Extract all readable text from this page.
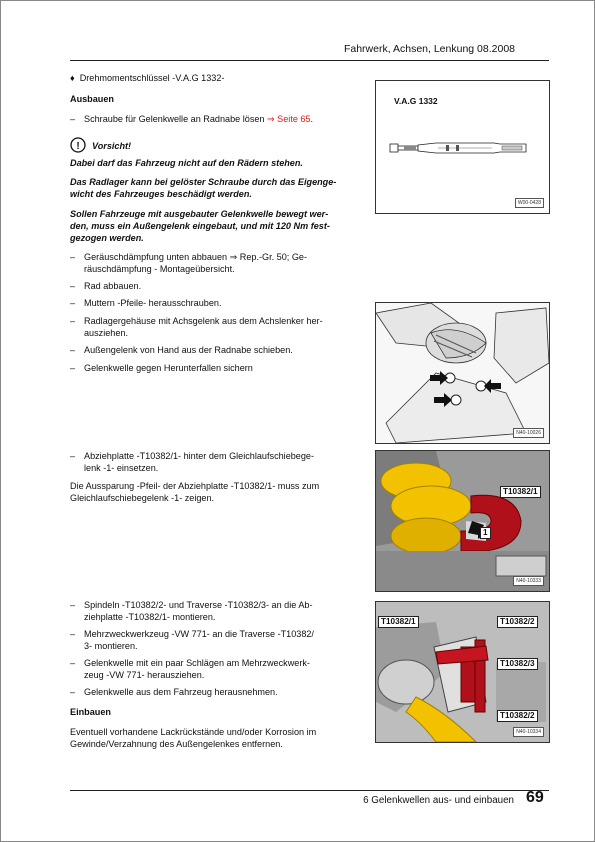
Fahrwerk, Achsen, Lenkung 08.2008
♦ Drehmomentschlüssel -V.A.G 1332-
Ausbauen
– Schraube für Gelenkwelle an Radnabe lösen ⇒ Seite 65.
! Vorsicht!
Dabei darf das Fahrzeug nicht auf den Rädern stehen.
Das Radlager kann bei gelöster Schraube durch das Eigenge-
wicht des Fahrzeuges beschädigt werden.
Sollen Fahrzeuge mit ausgebauter Gelenkwelle bewegt wer-
den, muss ein Außengelenk eingebaut, und mit 120 Nm fest-
gezogen werden.
– Geräuschdämpfung unten abbauen ⇒ Rep.-Gr. 50; Ge-
räuschdämpfung - Montageübersicht.
– Rad abbauen.
– Muttern -Pfeile- herausschrauben.
– Radlagergehäuse mit Achsgelenk aus dem Achslenker her-
ausziehen.
– Außengelenk von Hand aus der Radnabe schieben.
– Gelenkwelle gegen Herunterfallen sichern
– Abziehplatte -T10382/1- hinter dem Gleichlaufschiebege-
lenk -1- einsetzen.
Die Aussparung -Pfeil- der Abziehplatte -T10382/1- muss zum
Gleichlaufschiebegelenk -1- zeigen.
– Spindeln -T10382/2- und Traverse -T10382/3- an die Ab-
ziehplatte -T10382/1- montieren.
– Mehrzweckwerkzeug -VW 771- an die Traverse -T10382/
3- montieren.
– Gelenkwelle mit ein paar Schlägen am Mehrzweckwerk-
zeug -VW 771- herausziehen.
– Gelenkwelle aus dem Fahrzeug herausnehmen.
Einbauen
Eventuell vorhandene Lackrückstände und/oder Korrosion im
Gewinde/Verzahnung des Außengelenkes entfernen.
V.A.G 1332
W00-0428
N40-10026
T10382/1
1
N40-10333
T10382/1	T10382/2
T10382/3
T10382/2
N40-10334
6 Gelenkwellen aus- und einbauen 69
